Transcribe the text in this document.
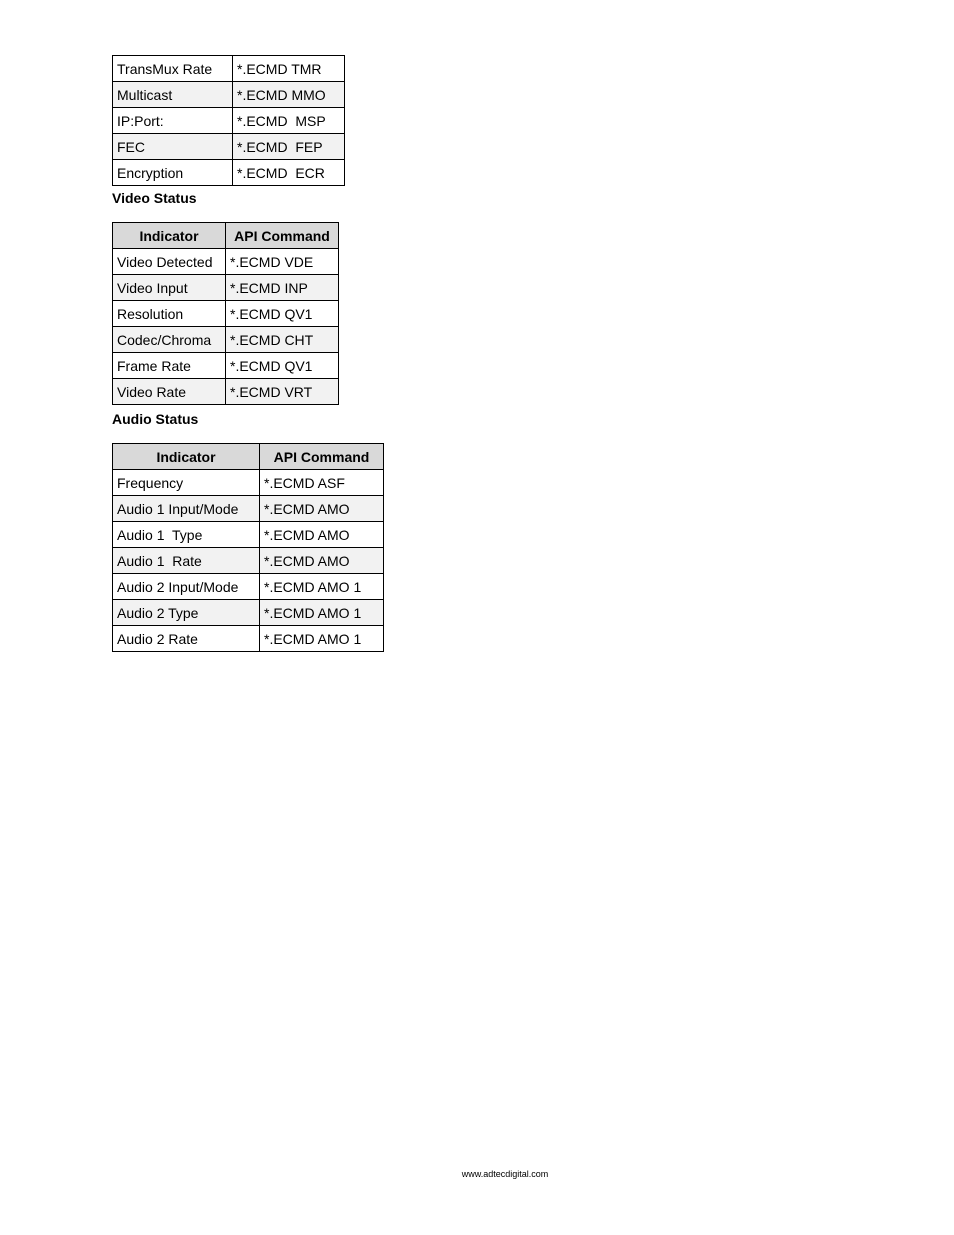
TransMux Rate	*.ECMD TMR
Multicast	*.ECMD MMO
IP:Port:	*.ECMD  MSP
FEC	*.ECMD  FEP
Encryption	*.ECMD  ECR

Video Status

Indicator	API Command
Video Detected	*.ECMD VDE
Video Input	*.ECMD INP
Resolution	*.ECMD QV1
Codec/Chroma	*.ECMD CHT
Frame Rate	*.ECMD QV1
Video Rate	*.ECMD VRT

Audio Status

Indicator	API Command
Frequency	*.ECMD ASF
Audio 1 Input/Mode	*.ECMD AMO
Audio 1  Type	*.ECMD AMO
Audio 1  Rate	*.ECMD AMO
Audio 2 Input/Mode	*.ECMD AMO 1
Audio 2 Type	*.ECMD AMO 1
Audio 2 Rate	*.ECMD AMO 1
www.adtecdigital.com
